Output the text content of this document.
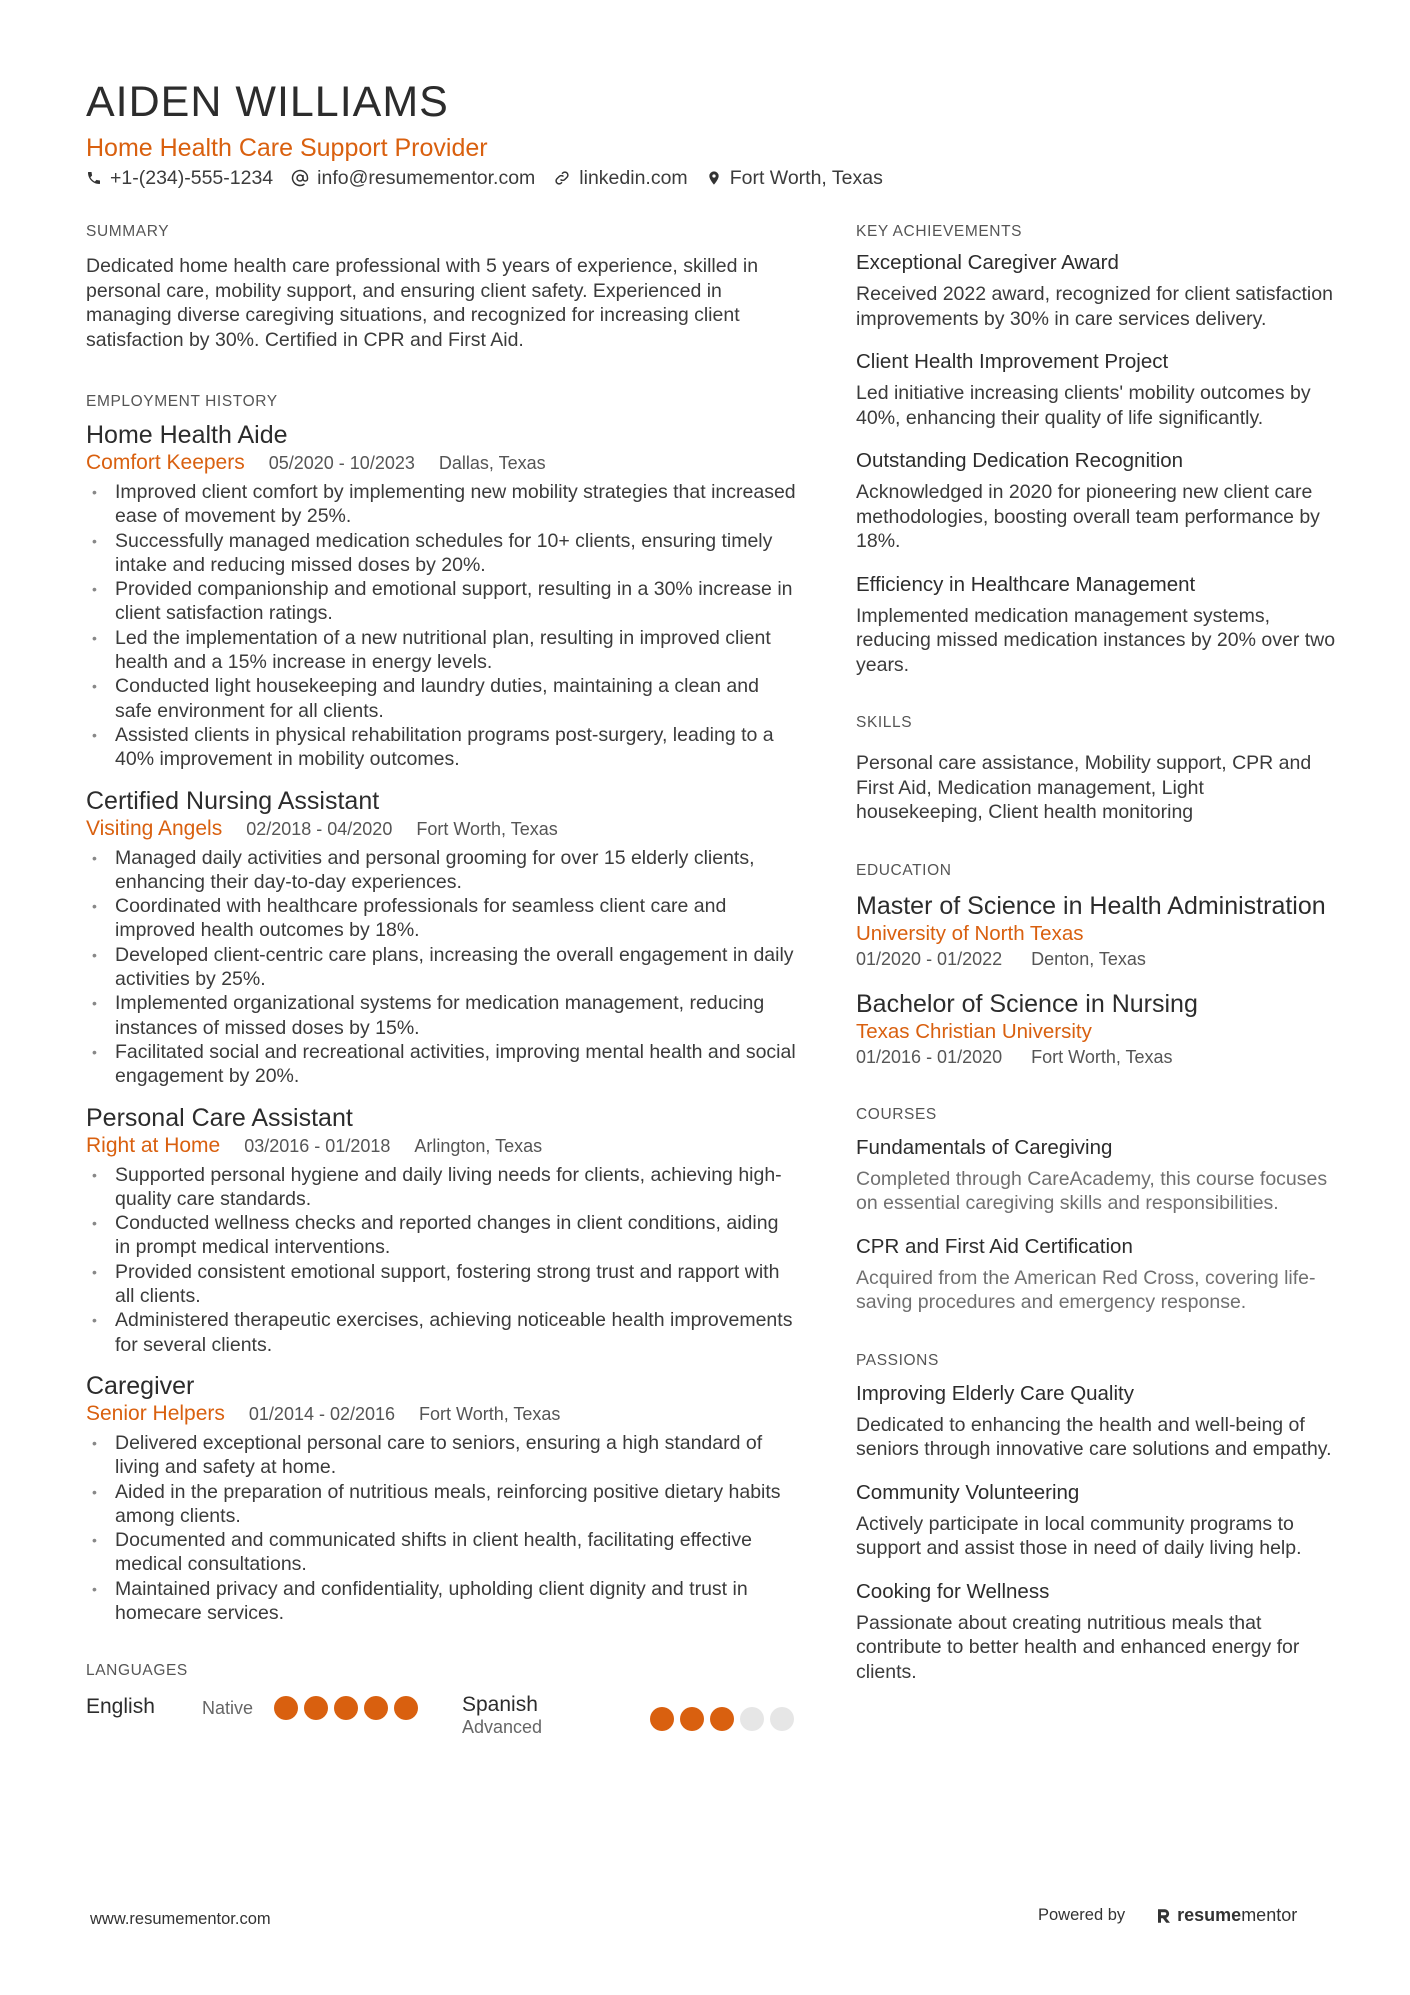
AIDEN WILLIAMS
Home Health Care Support Provider
+1-(234)-555-1234 info@resumementor.com linkedin.com Fort Worth, Texas
SUMMARY

Dedicated home health care professional with 5 years of experience, skilled in personal care, mobility support, and ensuring client safety. Experienced in managing diverse caregiving situations, and recognized for increasing client satisfaction by 30%. Certified in CPR and First Aid.

EMPLOYMENT HISTORY
Home Health Aide
Comfort Keepers 05/2020 - 10/2023 Dallas, Texas
• Improved client comfort by implementing new mobility strategies that increased ease of movement by 25%.
• Successfully managed medication schedules for 10+ clients, ensuring timely intake and reducing missed doses by 20%.
• Provided companionship and emotional support, resulting in a 30% increase in client satisfaction ratings.
• Led the implementation of a new nutritional plan, resulting in improved client health and a 15% increase in energy levels.
• Conducted light housekeeping and laundry duties, maintaining a clean and safe environment for all clients.
• Assisted clients in physical rehabilitation programs post-surgery, leading to a 40% improvement in mobility outcomes.
Certified Nursing Assistant
Visiting Angels 02/2018 - 04/2020 Fort Worth, Texas
• Managed daily activities and personal grooming for over 15 elderly clients, enhancing their day-to-day experiences.
• Coordinated with healthcare professionals for seamless client care and improved health outcomes by 18%.
• Developed client-centric care plans, increasing the overall engagement in daily activities by 25%.
• Implemented organizational systems for medication management, reducing instances of missed doses by 15%.
• Facilitated social and recreational activities, improving mental health and social engagement by 20%.
Personal Care Assistant
Right at Home 03/2016 - 01/2018 Arlington, Texas
• Supported personal hygiene and daily living needs for clients, achieving high-quality care standards.
• Conducted wellness checks and reported changes in client conditions, aiding in prompt medical interventions.
• Provided consistent emotional support, fostering strong trust and rapport with all clients.
• Administered therapeutic exercises, achieving noticeable health improvements for several clients.
Caregiver
Senior Helpers 01/2014 - 02/2016 Fort Worth, Texas
• Delivered exceptional personal care to seniors, ensuring a high standard of living and safety at home.
• Aided in the preparation of nutritious meals, reinforcing positive dietary habits among clients.
• Documented and communicated shifts in client health, facilitating effective medical consultations.
• Maintained privacy and confidentiality, upholding client dignity and trust in homecare services.
LANGUAGES
English	Native	Spanish
Advanced
KEY ACHIEVEMENTS
Exceptional Caregiver Award

Received 2022 award, recognized for client satisfaction improvements by 30% in care services delivery.

Client Health Improvement Project

Led initiative increasing clients' mobility outcomes by 40%, enhancing their quality of life significantly.

Outstanding Dedication Recognition

Acknowledged in 2020 for pioneering new client care methodologies, boosting overall team performance by 18%.

Efficiency in Healthcare Management

Implemented medication management systems, reducing missed medication instances by 20% over two years.

SKILLS

Personal care assistance, Mobility support, CPR and First Aid, Medication management, Light housekeeping, Client health monitoring

EDUCATION
Master of Science in Health Administration
University of North Texas
01/2020 - 01/2022 Denton, Texas
Bachelor of Science in Nursing
Texas Christian University
01/2016 - 01/2020 Fort Worth, Texas
COURSES
Fundamentals of Caregiving

Completed through CareAcademy, this course focuses on essential caregiving skills and responsibilities.

CPR and First Aid Certification

Acquired from the American Red Cross, covering life-saving procedures and emergency response.

PASSIONS
Improving Elderly Care Quality

Dedicated to enhancing the health and well-being of seniors through innovative care solutions and empathy.

Community Volunteering

Actively participate in local community programs to support and assist those in need of daily living help.

Cooking for Wellness

Passionate about creating nutritious meals that contribute to better health and enhanced energy for clients.

www.resumementor.com	Powered by	resume mentor
